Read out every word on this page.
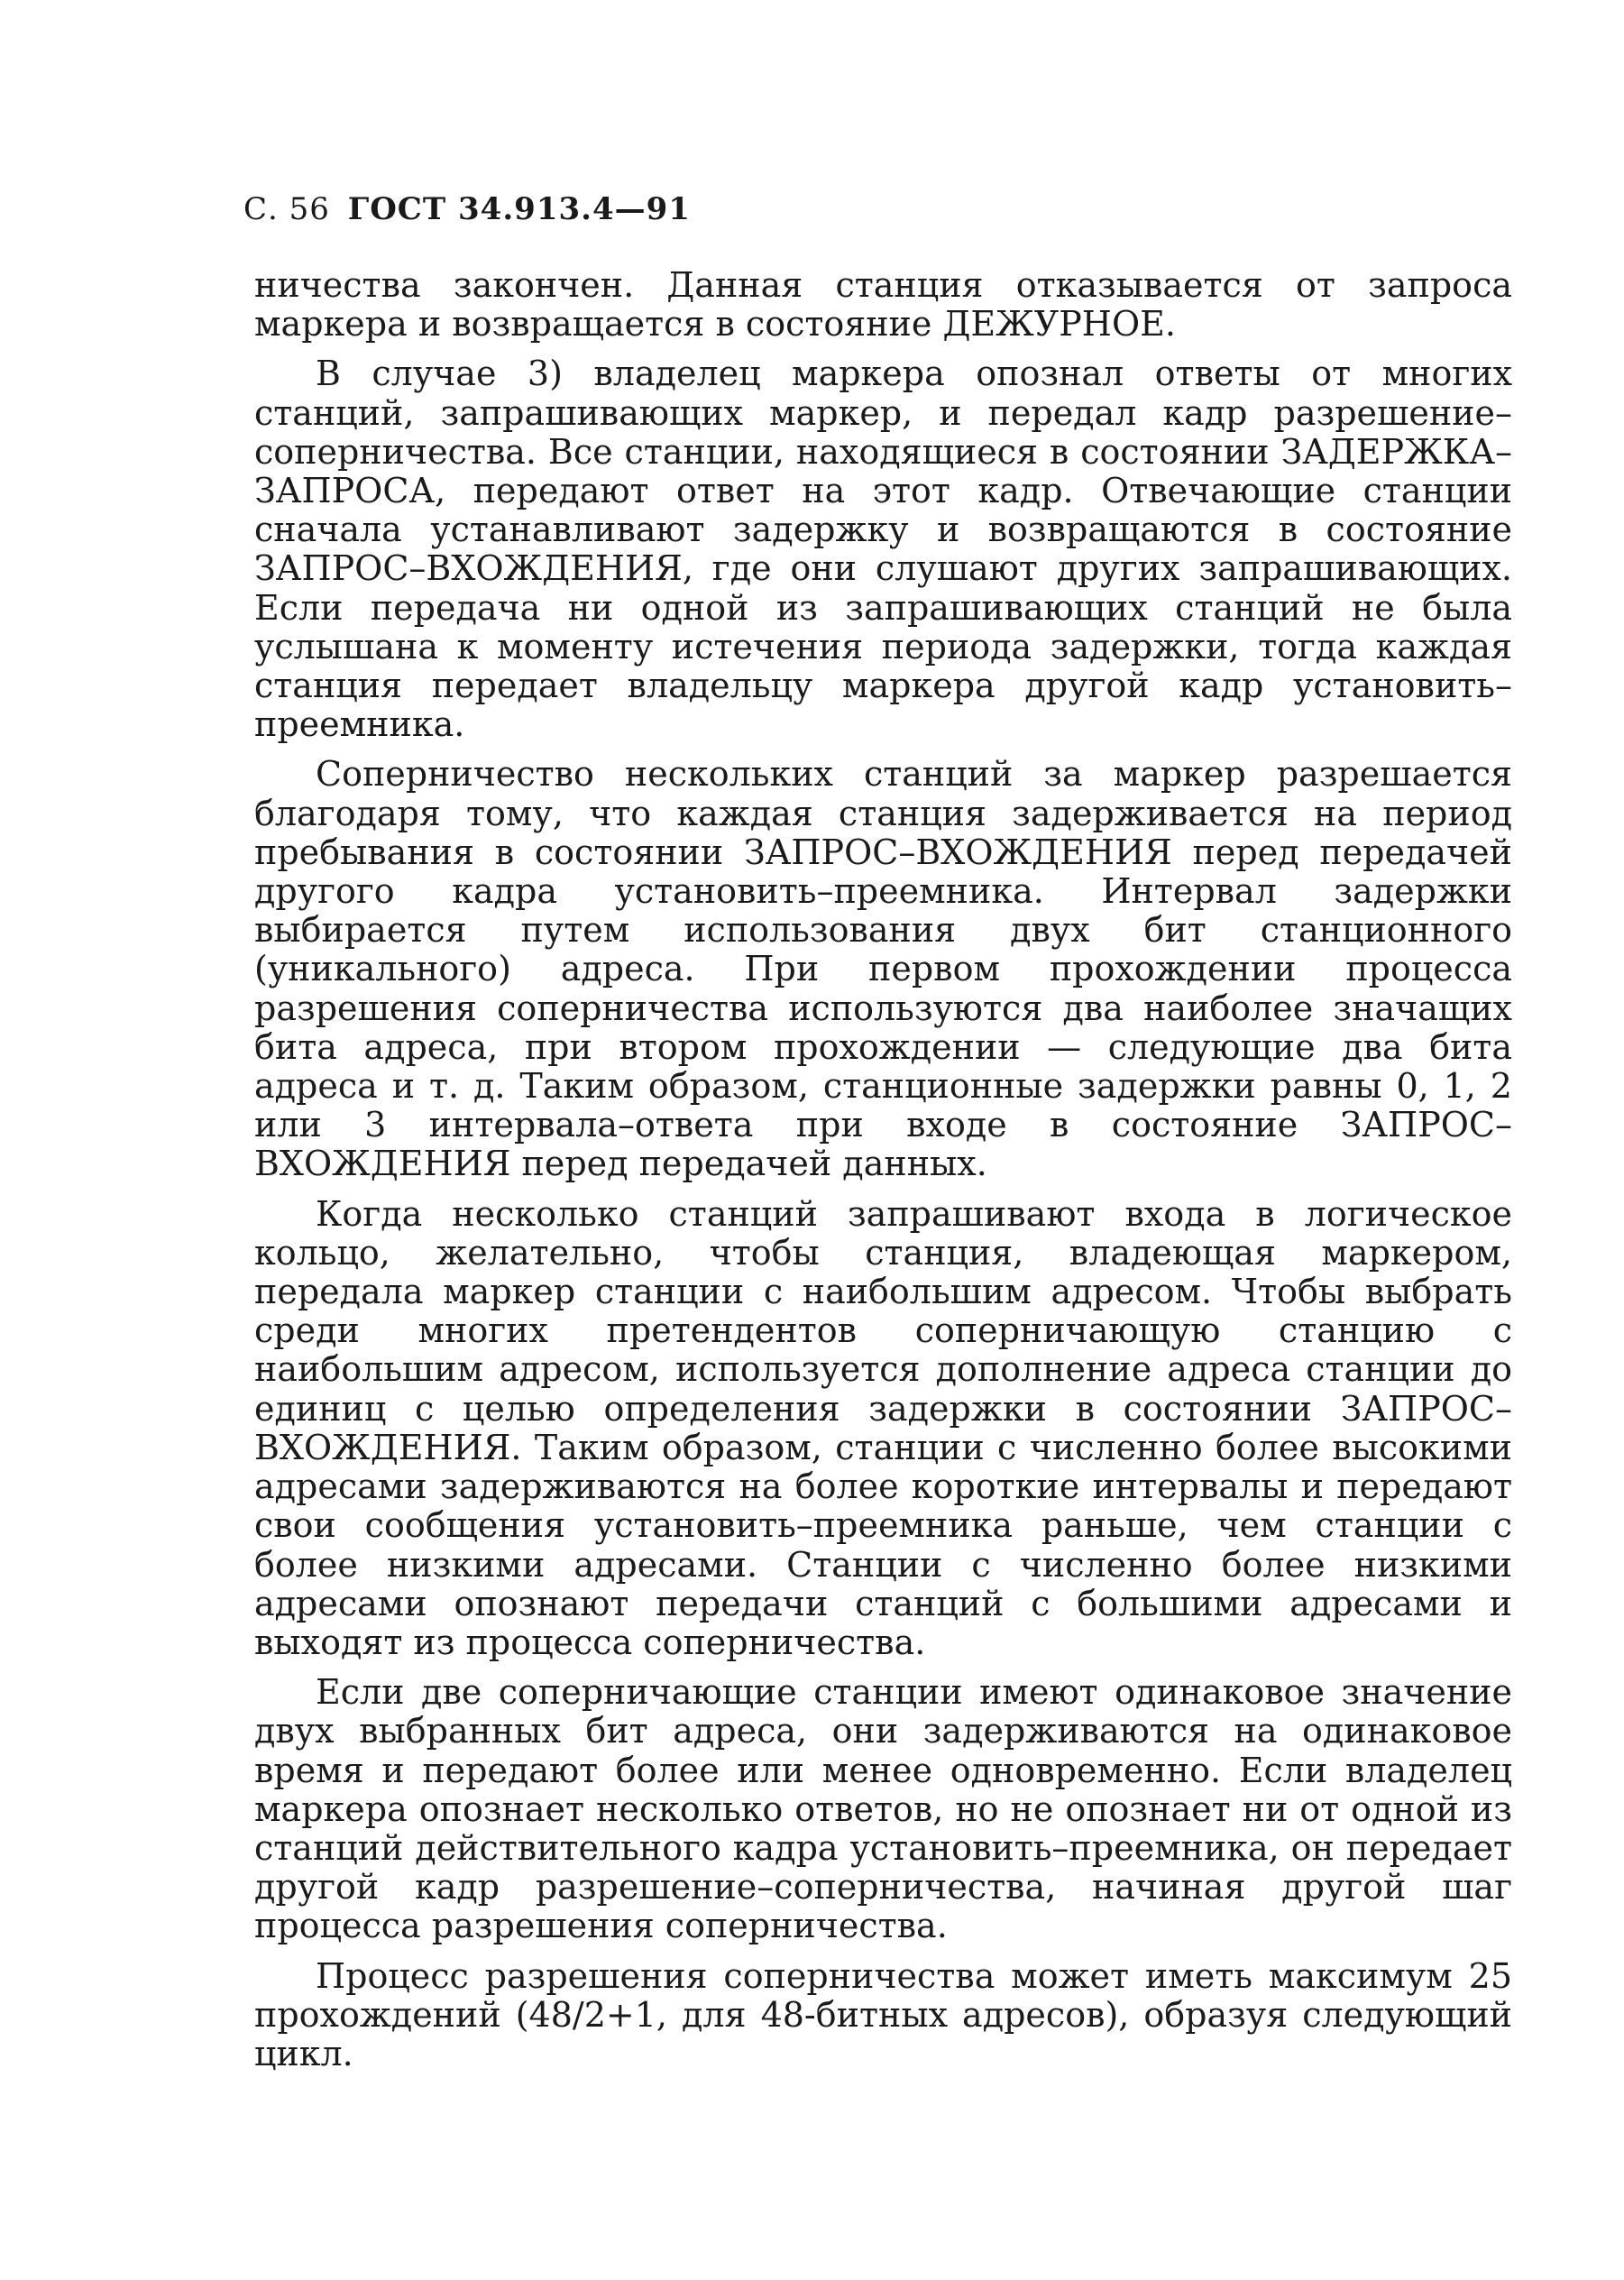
С. 56 ГОСТ 34.913.4—91

ничества закончен. Данная станция отказывается от запроса маркера и возвращается в состояние ДЕЖУРНОЕ.

В случае 3) владелец маркера опознал ответы от многих станций, запрашивающих маркер, и передал кадр разрешение–соперничества. Все станции, находящиеся в состоянии ЗАДЕРЖКА–ЗАПРОСА, передают ответ на этот кадр. Отвечающие станции сначала устанавливают задержку и возвращаются в состояние ЗАПРОС–ВХОЖДЕНИЯ, где они слушают других запрашивающих. Если передача ни одной из запрашивающих станций не была услышана к моменту истечения периода задержки, тогда каждая станция передает владельцу маркера другой кадр установить–преемника.

Соперничество нескольких станций за маркер разрешается благодаря тому, что каждая станция задерживается на период пребывания в состоянии ЗАПРОС–ВХОЖДЕНИЯ перед передачей другого кадра установить–преемника. Интервал задержки выбирается путем использования двух бит станционного (уникального) адреса. При первом прохождении процесса разрешения соперничества используются два наиболее значащих бита адреса, при втором прохождении — следующие два бита адреса и т. д. Таким образом, станционные задержки равны 0, 1, 2 или 3 интервала–ответа при входе в состояние ЗАПРОС–ВХОЖДЕНИЯ перед передачей данных.

Когда несколько станций запрашивают входа в логическое кольцо, желательно, чтобы станция, владеющая маркером, передала маркер станции с наибольшим адресом. Чтобы выбрать среди многих претендентов соперничающую станцию с наибольшим адресом, используется дополнение адреса станции до единиц с целью определения задержки в состоянии ЗАПРОС–ВХОЖДЕНИЯ. Таким образом, станции с численно более высокими адресами задерживаются на более короткие интервалы и передают свои сообщения установить–преемника раньше, чем станции с более низкими адресами. Станции с численно более низкими адресами опознают передачи станций с большими адресами и выходят из процесса соперничества.

Если две соперничающие станции имеют одинаковое значение двух выбранных бит адреса, они задерживаются на одинаковое время и передают более или менее одновременно. Если владелец маркера опознает несколько ответов, но не опознает ни от одной из станций действительного кадра установить–преемника, он передает другой кадр разрешение–соперничества, начиная другой шаг процесса разрешения соперничества.

Процесс разрешения соперничества может иметь максимум 25 прохождений (48/2+1, для 48-битных адресов), образуя следующий цикл.
